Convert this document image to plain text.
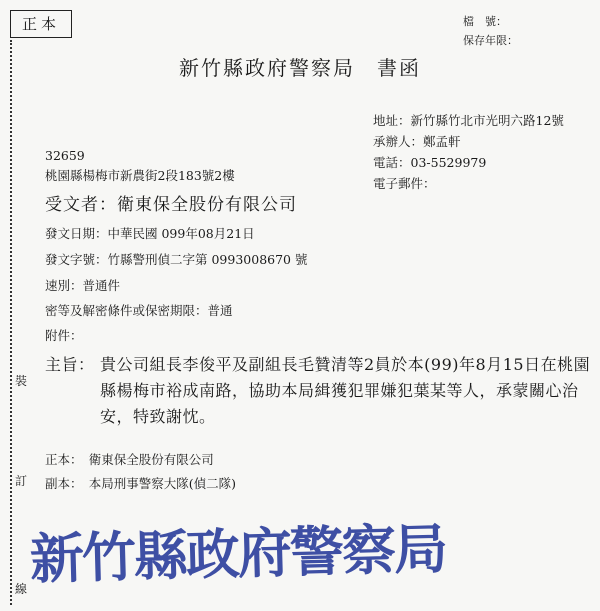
正本
裝
訂
線
檔　號：
保存年限：
新竹縣政府警察局　書函
地址：新竹縣竹北市光明六路12號
承辦人：鄭孟軒
電話：03-5529979
電子郵件：
32659
桃園縣楊梅市新農街2段183號2樓
受文者：衛東保全股份有限公司
發文日期：中華民國 099年08月21日
發文字號：竹縣警刑偵二字第 0993008670 號
速別：普通件
密等及解密條件或保密期限：普通
附件：
主旨： 貴公司組長李俊平及副組長毛贊清等2員於本(99)年8月15日在桃園縣楊梅市裕成南路，協助本局緝獲犯罪嫌犯葉某等人，承蒙關心治安，特致謝忱。
正本：　衛東保全股份有限公司
副本：　本局刑事警察大隊(偵二隊)
新竹縣政府警察局
